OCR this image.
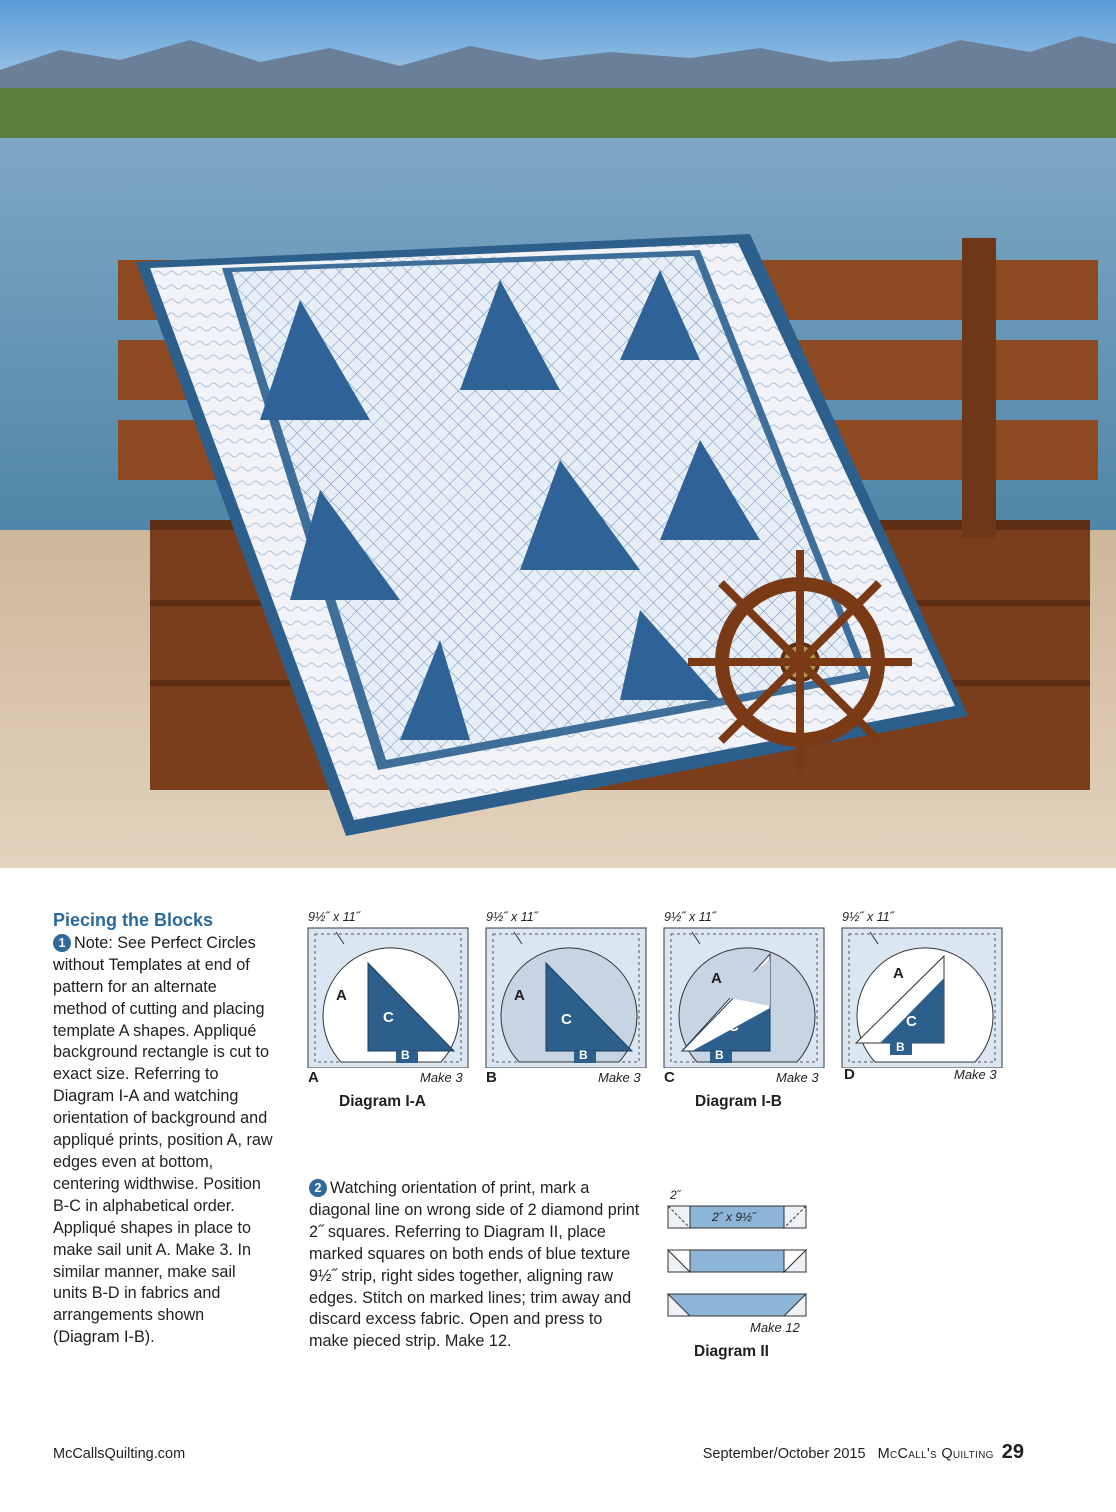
Piecing the Blocks
1 Note: See Perfect Circles without Templates at end of pattern for an alternate method of cutting and placing template A shapes. Appliqué background rectangle is cut to exact size. Referring to Diagram I-A and watching orientation of background and appliqué prints, position A, raw edges even at bottom, centering widthwise. Position B-C in alphabetical order. Appliqué shapes in place to make sail unit A. Make 3. In similar manner, make sail units B-D in fabrics and arrangements shown (Diagram I-B).
9½˝ x 11˝
A
C
B
A	Make 3
9½˝ x 11˝
A
C
B
B	Make 3
9½˝ x 11˝
A
C
B
C	Make 3
9½˝ x 11˝
A
C
B
D	Make 3
Diagram I-A	Diagram I-B
2 Watching orientation of print, mark a diagonal line on wrong side of 2 diamond print 2˝ squares. Referring to Diagram II, place marked squares on both ends of blue texture 9½˝ strip, right sides together, aligning raw edges. Stitch on marked lines; trim away and discard excess fabric. Open and press to make pieced strip. Make 12.
2˝
2˝ x 9½˝
Make 12
Diagram II
McCallsQuilting.com	September/October 2015 McCall's Quilting 29
